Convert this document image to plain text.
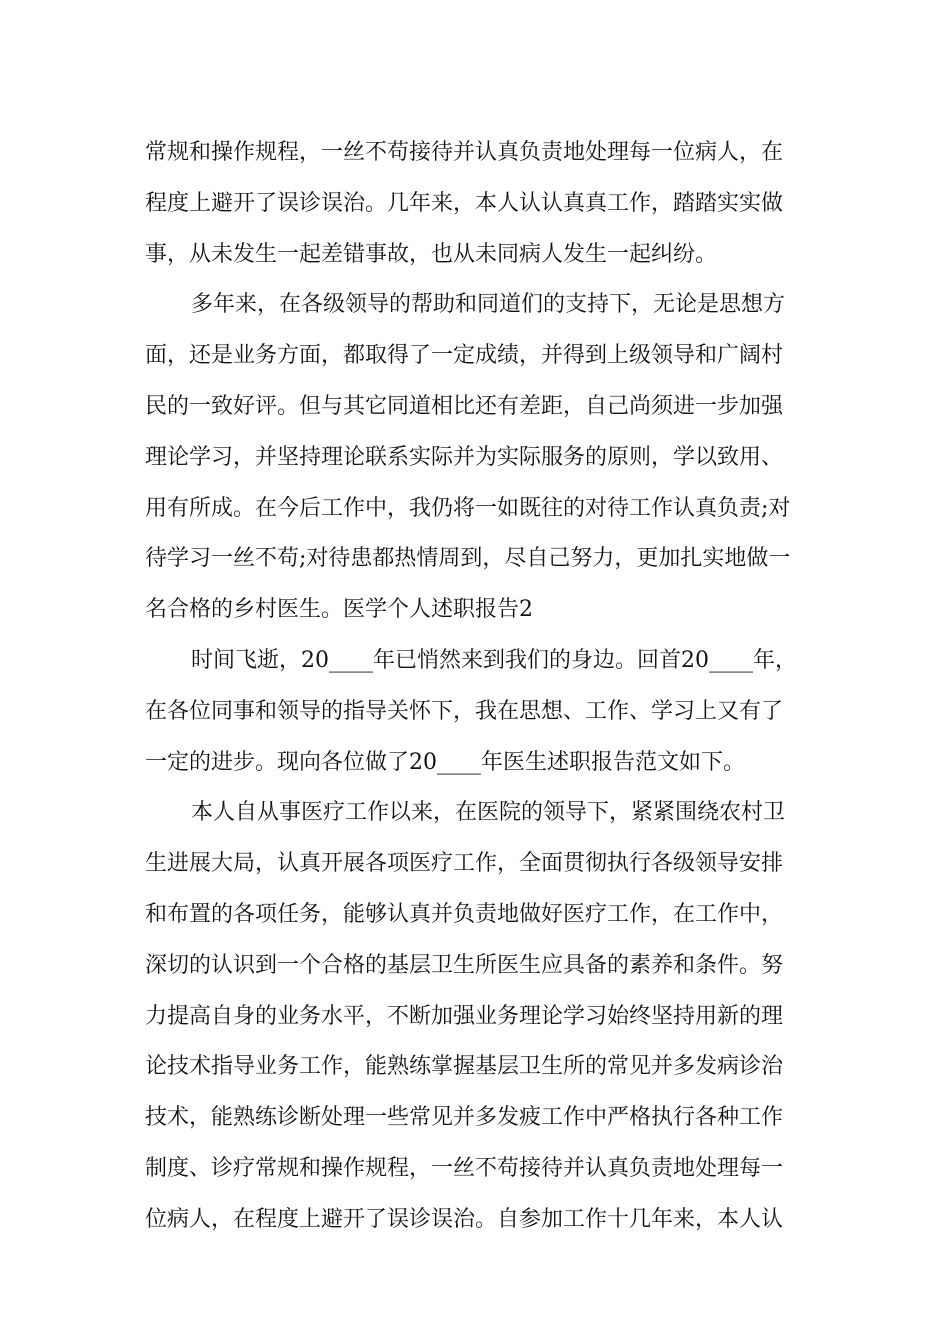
常规和操作规程，一丝不苟接待并认真负责地处理每一位病人，在
程度上避开了误诊误治。几年来，本人认认真真工作，踏踏实实做
事，从未发生一起差错事故，也从未同病人发生一起纠纷。
多年来，在各级领导的帮助和同道们的支持下，无论是思想方
面，还是业务方面，都取得了一定成绩，并得到上级领导和广阔村
民的一致好评。但与其它同道相比还有差距，自己尚须进一步加强
理论学习，并坚持理论联系实际并为实际服务的原则，学以致用、
用有所成。在今后工作中，我仍将一如既往的对待工作认真负责;对
待学习一丝不苟;对待患都热情周到，尽自己努力，更加扎实地做一
名合格的乡村医生。医学个人述职报告2
时间飞逝，20____年已悄然来到我们的身边。回首20____年，
在各位同事和领导的指导关怀下，我在思想、工作、学习上又有了
一定的进步。现向各位做了20____年医生述职报告范文如下。
本人自从事医疗工作以来，在医院的领导下，紧紧围绕农村卫
生进展大局，认真开展各项医疗工作，全面贯彻执行各级领导安排
和布置的各项任务，能够认真并负责地做好医疗工作，在工作中，
深切的认识到一个合格的基层卫生所医生应具备的素养和条件。努
力提高自身的业务水平，不断加强业务理论学习始终坚持用新的理
论技术指导业务工作，能熟练掌握基层卫生所的常见并多发病诊治
技术，能熟练诊断处理一些常见并多发疲工作中严格执行各种工作
制度、诊疗常规和操作规程，一丝不苟接待并认真负责地处理每一
位病人，在程度上避开了误诊误治。自参加工作十几年来，本人认
